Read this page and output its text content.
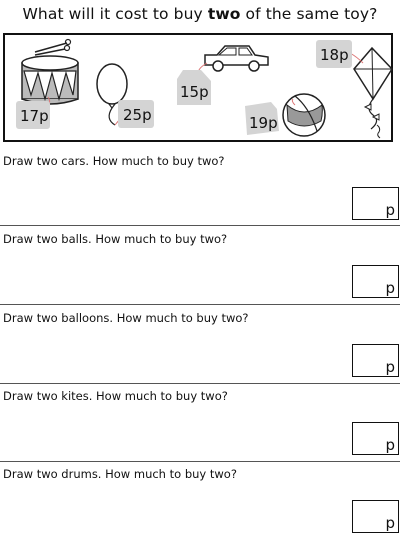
What will it cost to buy two of the same toy?
17p	25p
15p
19p
18p
Draw two cars. How much to buy two?
p
Draw two balls. How much to buy two?
p
Draw two balloons. How much to buy two?
p
Draw two kites. How much to buy two?
p
Draw two drums. How much to buy two?
p
